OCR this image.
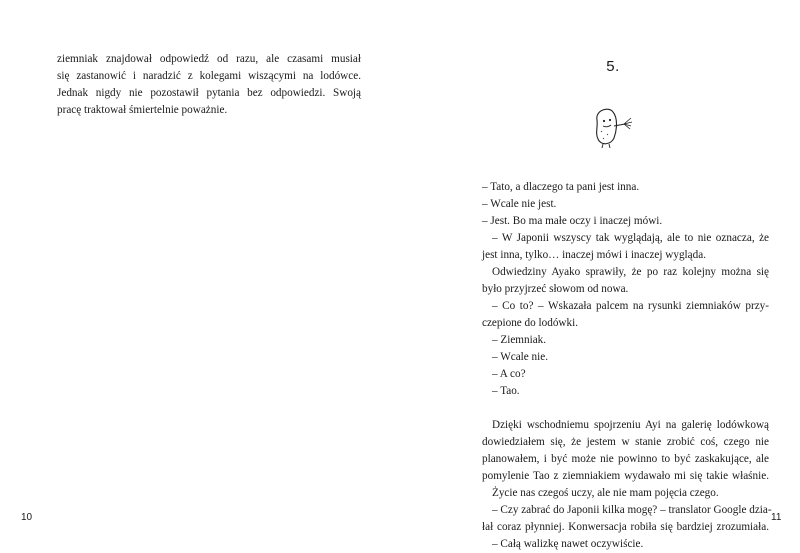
ziemniak znajdował odpowiedź od razu, ale czasami musiał
się zastanowić i naradzić z kolegami wiszącymi na lodówce.
Jednak nigdy nie pozostawił pytania bez odpowiedzi. Swoją
pracę traktował śmiertelnie poważnie.
10
5.
– Tato, a dlaczego ta pani jest inna.
– Wcale nie jest.
– Jest. Bo ma małe oczy i inaczej mówi.
– W Japonii wszyscy tak wyglądają, ale to nie oznacza, że
jest inna, tylko… inaczej mówi i inaczej wygląda.
Odwiedziny Ayako sprawiły, że po raz kolejny można się
było przyjrzeć słowom od nowa.
– Co to? – Wskazała palcem na rysunki ziemniaków przy-
czepione do lodówki.
– Ziemniak.
– Wcale nie.
– A co?
– Tao.
Dzięki wschodniemu spojrzeniu Ayi na galerię lodówkową
dowiedziałem się, że jestem w stanie zrobić coś, czego nie
planowałem, i być może nie powinno to być zaskakujące, ale
pomylenie Tao z ziemniakiem wydawało mi się takie właśnie.
Życie nas czegoś uczy, ale nie mam pojęcia czego.
– Czy zabrać do Japonii kilka mogę? – translator Google dzia-
łał coraz płynniej. Konwersacja robiła się bardziej zrozumiała.
– Całą walizkę nawet oczywiście.
11
